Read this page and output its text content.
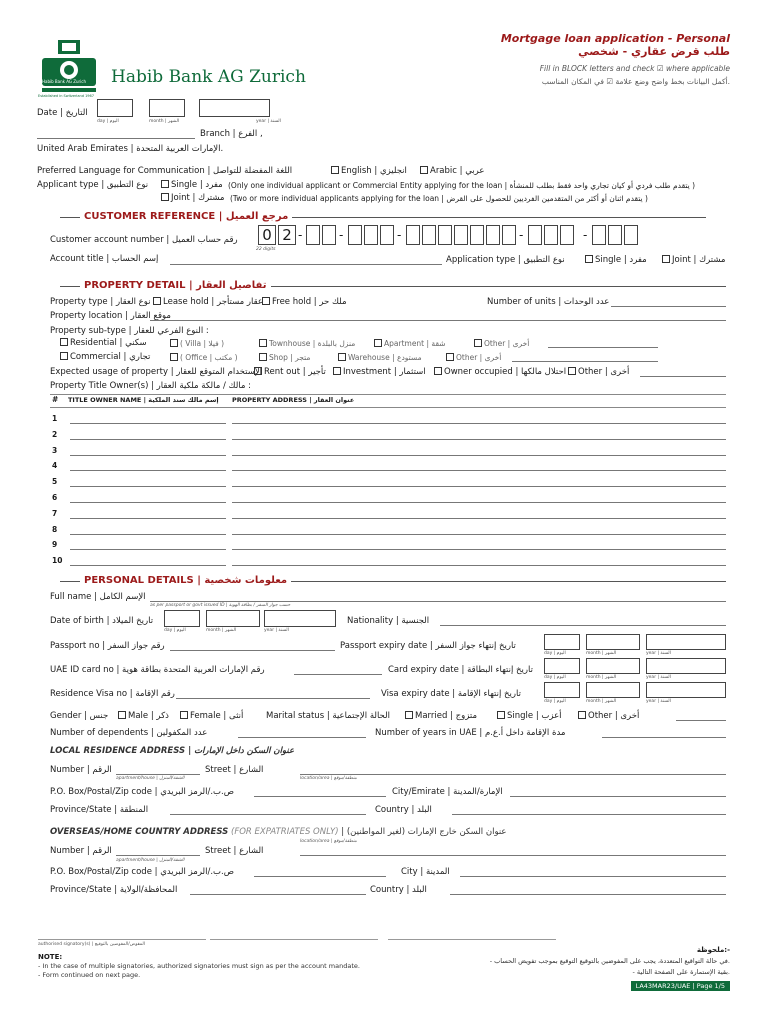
Habib Bank AG Zurich
Established in Switzerland 1967
Habib Bank AG Zurich
Mortgage loan application - Personal
طلب قرض عقاري - شخصي
Fill in BLOCK letters and check ☑ where applicable
أكمل البيانات بخط واضح وضع علامة ☑ في المكان المناسب.
Date | التاريخ
day | اليوم	month | الشهر	year | السنة
Branch | الفرع ,
United Arab Emirates | الإمارات العربية المتحدة.
Preferred Language for Communication | اللغة المفضلة للتواصل	English | انجليزي	Arabic | عربي
Applicant type | نوع التطبيق	Single | مفرد (Only one individual applicant or Commercial Entity applying for the loan | يتقدم طلب فردي أو كيان تجاري واحد فقط بطلب للمنشأة )
Joint | مشترك (Two or more individual applicants applying for the loan | يتقدم اثنان أو أكثر من المتقدمين الفرديين للحصول على القرض )
CUSTOMER REFERENCE | مرجع العميل
Customer account number | رقم حساب العميل 0 2 -	-	-	-	-
22 digits
Account title | إسم الحساب	Application type | نوع التطبيق	Single | مفرد	Joint | مشترك
PROPERTY DETAIL | تفاصيل العقار
Property type | نوع العقار	Lease hold | عقار مستأجر	Free hold | ملك حر	Number of units | عدد الوحدات
Property location | موقع العقار
Property sub-type | النوع الفرعي للعقار :
Residential | سكني	( Villa | فيلا )	Townhouse | منزل بالبلدة	Apartment | شقة	Other | أخرى
Commercial | تجاري	( Office | مكتب )	Shop | متجر	Warehouse | مستودع	Other | أخرى
Expected usage of property | الإستخدام المتوقع للعقار Rent out | تأجير	Investment | استثمار	Owner occupied | احتلال مالكها	Other | أخرى
Property Title Owner(s) | مالك / مالكة ملكية العقار :
# TITLE OWNER NAME | إسم مالك سند الملكية PROPERTY ADDRESS | عنوان العقار
1
2
3
4
5
6
7
8
9
10
PERSONAL DETAILS | معلومات شخصية
Full name | الإسم الكامل
as per passport or govt issued ID | حسب جواز السفر / بطاقة الهوية
Date of birth | تاريخ الميلاد
day | اليوم	month | الشهر	year | السنة
Nationality | الجنسية
Passport no | رقم جواز السفر	Passport expiry date | تاريخ إنتهاء جواز السفر
day | اليوم	month | الشهر	year | السنة
UAE ID card no | رقم الإمارات العربية المتحدة بطاقة هوية	Card expiry date | تاريخ إنتهاء البطاقة
day | اليوم	month | الشهر	year | السنة
Residence Visa no | رقم الإقامة	Visa expiry date | تاريخ إنتهاء الإقامة
day | اليوم	month | الشهر	year | السنة
Gender | جنس	Male | ذكر	Female | أنثى	Marital status | الحالة الإجتماعية	Married | متزوج	Single | أعزب	Other | أخرى
Number of dependents | عدد المكفولين	Number of years in UAE | مدة الإقامة داخل أ.ع.م
LOCAL RESIDENCE ADDRESS | عنوان السكن داخل الإمارات
Number | الرقم
apartment/house | الشقة/المنزل
Street | الشارع
location/area | منطقة/موقع
P.O. Box/Postal/Zip code | ص.ب./الرمز البريدي	City/Emirate | الإمارة/المدينة
Province/State | المنطقة	Country | البلد
OVERSEAS/HOME COUNTRY ADDRESS (FOR EXPATRIATES ONLY) | عنوان السكن خارج الإمارات (لغير المواطنين)
Number | الرقم
apartment/house | الشقة/المنزل
Street | الشارع
location/area | منطقة/موقع
P.O. Box/Postal/Zip code | ص.ب./الرمز البريدي	City | المدينة
Province/State | المحافظة/الولاية	Country | البلد
authorised signatory(s) | المفوض/المفوضين بالتوقيع
NOTE:
- In the case of multiple signatories, authorized signatories must sign as per the account mandate.
- Form continued on next page.
ملحوظة:-
- في حالة التواقيع المتعددة، يجب على المفوضين بالتوقيع التوقيع بموجب تفويض الحساب.
- بقية الإستمارة على الصفحة التالية.
LA43MAR23/UAE | Page 1/5
